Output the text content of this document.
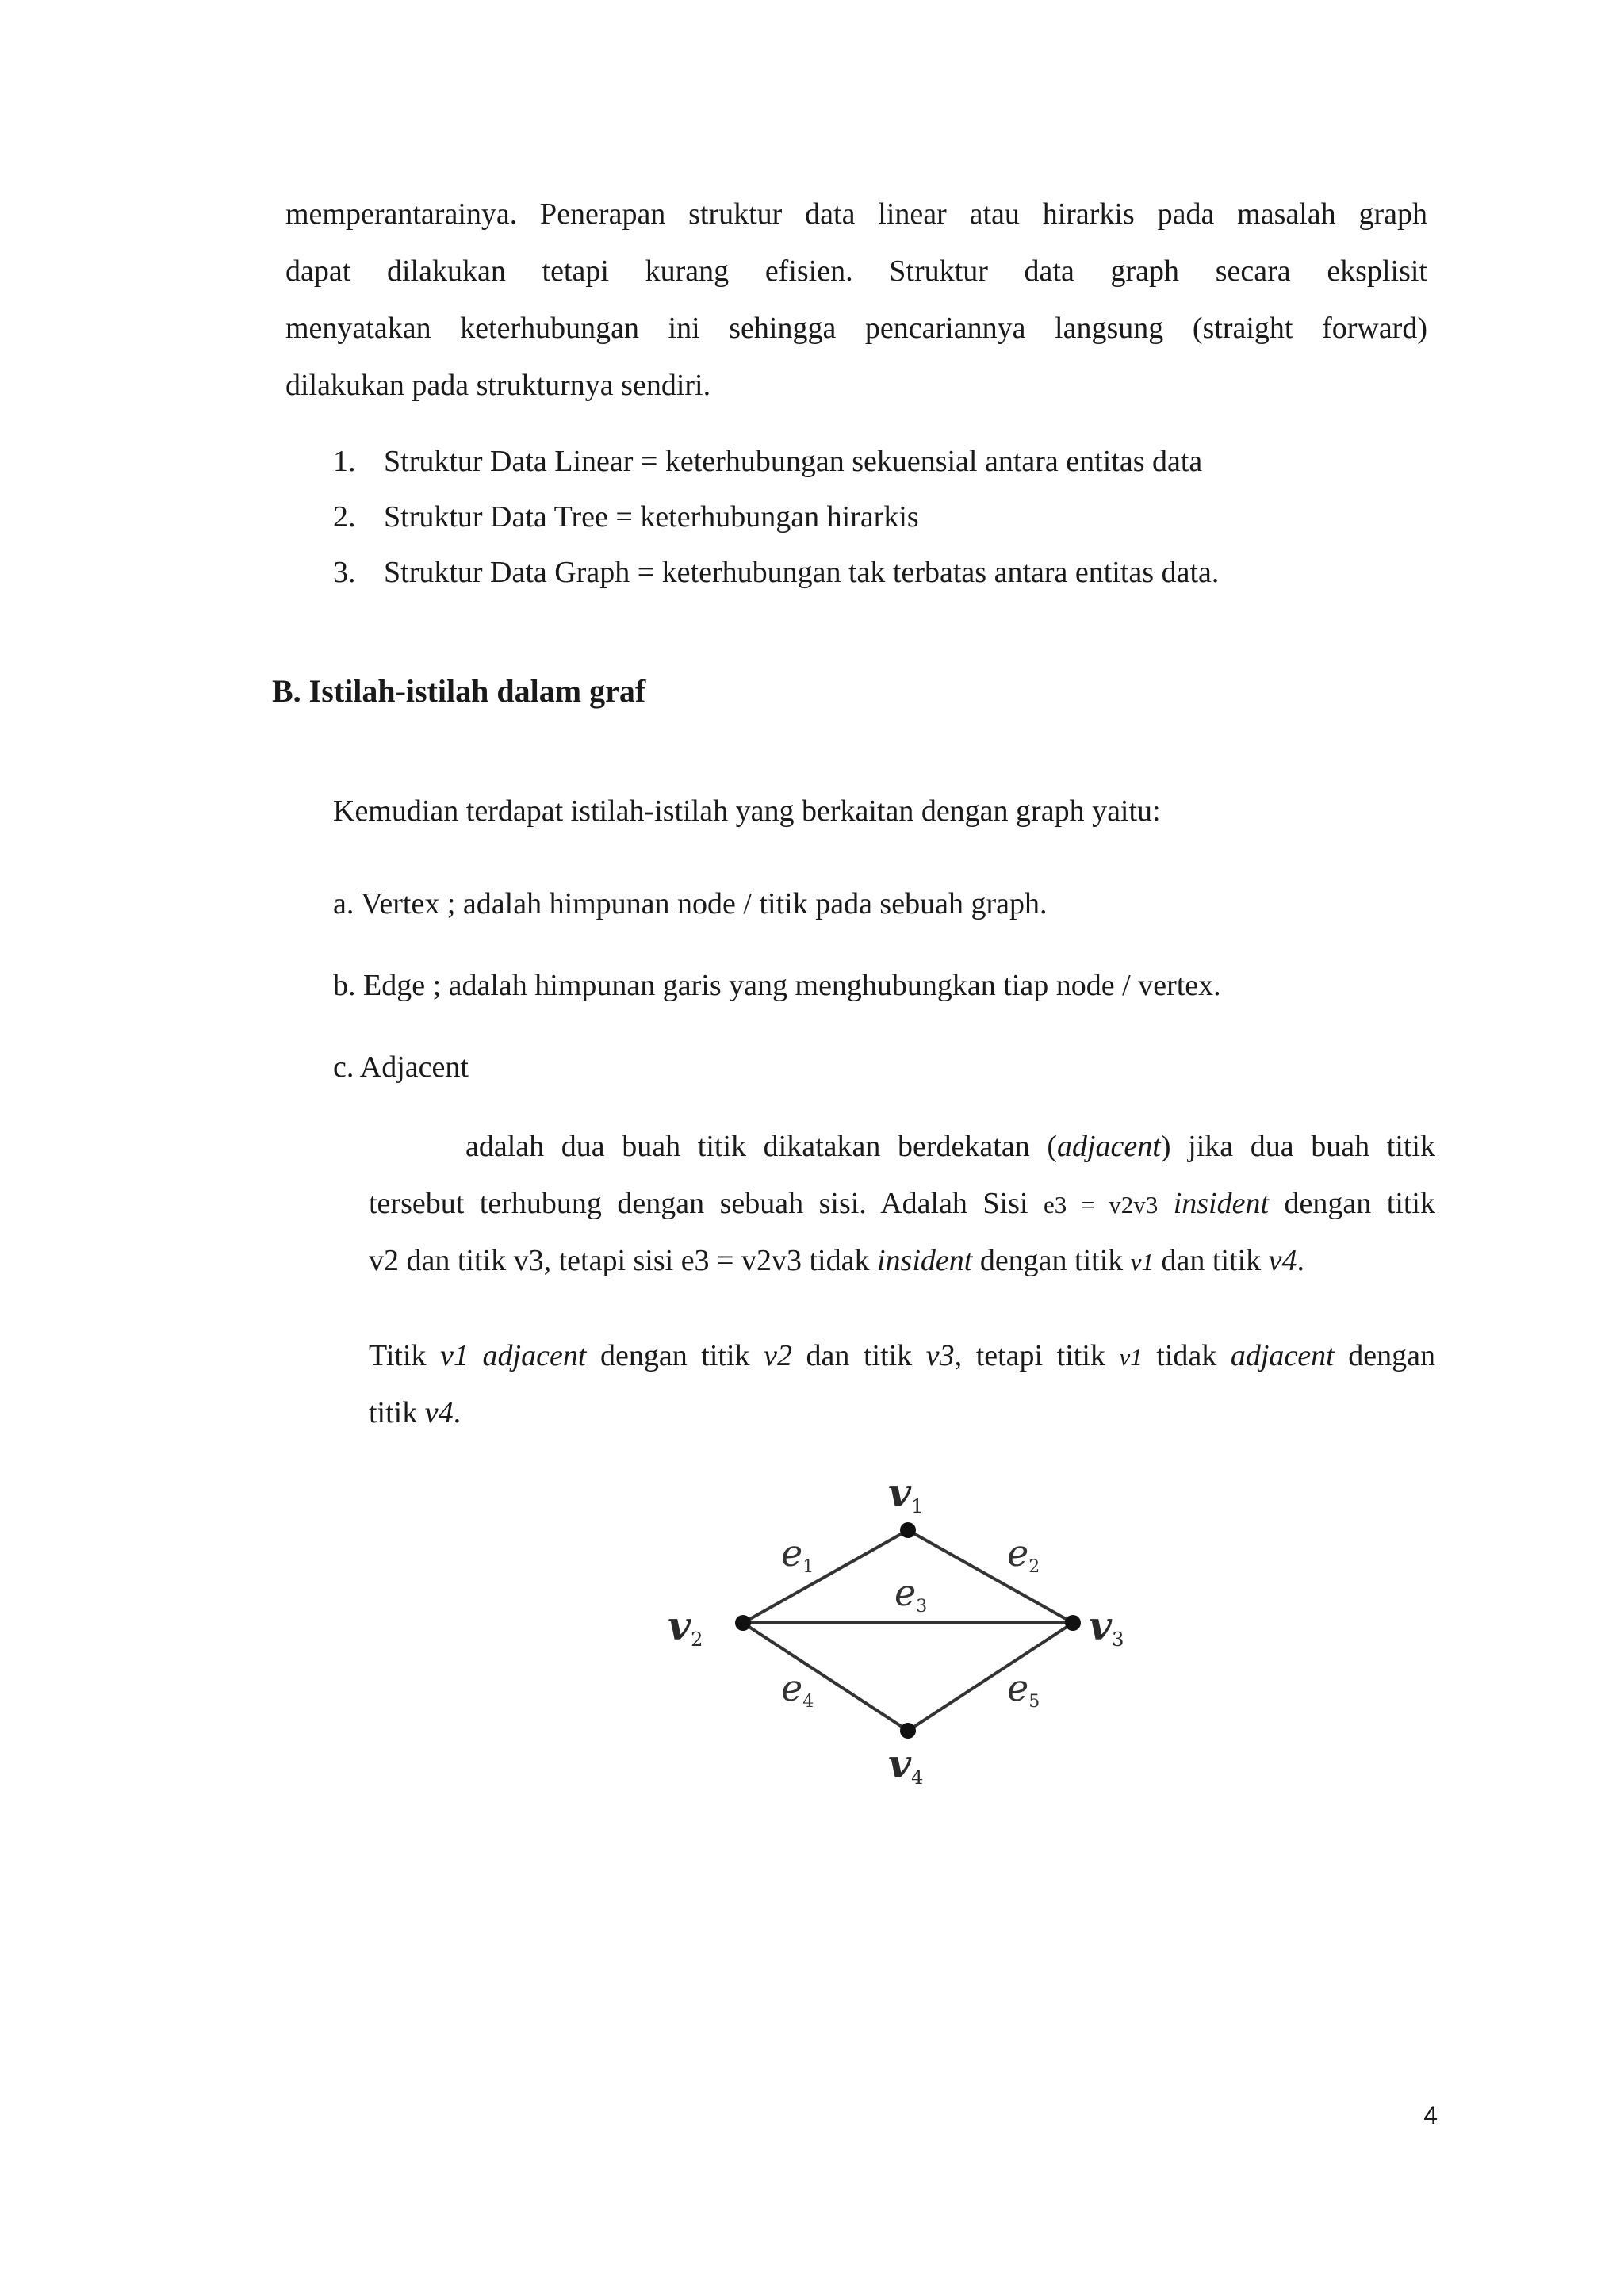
memperantarainya. Penerapan struktur data linear atau hirarkis pada masalah graph
dapat dilakukan tetapi kurang efisien. Struktur data graph secara eksplisit
menyatakan keterhubungan ini sehingga pencariannya langsung (straight forward)
dilakukan pada strukturnya sendiri.
1. Struktur Data Linear = keterhubungan sekuensial antara entitas data
2. Struktur Data Tree = keterhubungan hirarkis
3. Struktur Data Graph = keterhubungan tak terbatas antara entitas data.
B. Istilah-istilah dalam graf
Kemudian terdapat istilah-istilah yang berkaitan dengan graph yaitu:
a. Vertex ; adalah himpunan node / titik pada sebuah graph.
b. Edge ; adalah himpunan garis yang menghubungkan tiap node / vertex.
c. Adjacent
adalah dua buah titik dikatakan berdekatan (adjacent) jika dua buah titik
tersebut terhubung dengan sebuah sisi. Adalah Sisi e3 = v2v3 insident dengan titik
v2 dan titik v3, tetapi sisi e3 = v2v3 tidak insident dengan titik v1 dan titik v4.
Titik v1 adjacent dengan titik v2 dan titik v3, tetapi titik v1 tidak adjacent dengan
titik v4.
v1
v2	v3
v4
e1	e2
e3
e4	e5
4
